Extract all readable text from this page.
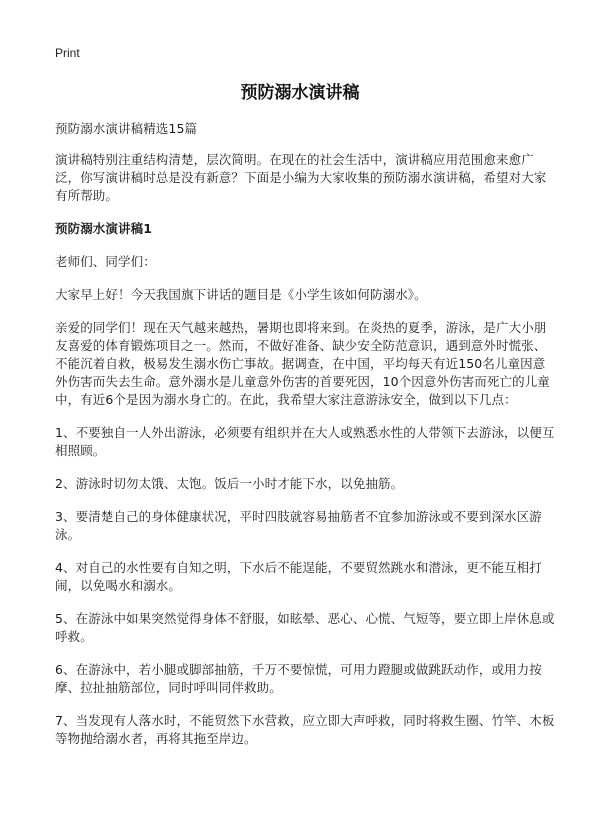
Print
预防溺水演讲稿

预防溺水演讲稿精选15篇

演讲稿特别注重结构清楚，层次简明。在现在的社会生活中，演讲稿应用范围愈来愈广泛，你写演讲稿时总是没有新意？下面是小编为大家收集的预防溺水演讲稿，希望对大家有所帮助。

预防溺水演讲稿1

老师们、同学们：

大家早上好！今天我国旗下讲话的题目是《小学生该如何防溺水》。

亲爱的同学们！现在天气越来越热，暑期也即将来到。在炎热的夏季，游泳，是广大小朋友喜爱的体育锻炼项目之一。然而，不做好准备、缺少安全防范意识，遇到意外时慌张、不能沉着自救，极易发生溺水伤亡事故。据调查，在中国，平均每天有近150名儿童因意外伤害而失去生命。意外溺水是儿童意外伤害的首要死因，10个因意外伤害而死亡的儿童中，有近6个是因为溺水身亡的。在此，我希望大家注意游泳安全，做到以下几点：

1、不要独自一人外出游泳，必须要有组织并在大人或熟悉水性的人带领下去游泳，以便互相照顾。

2、游泳时切勿太饿、太饱。饭后一小时才能下水，以免抽筋。

3、要清楚自己的身体健康状况，平时四肢就容易抽筋者不宜参加游泳或不要到深水区游泳。

4、对自己的水性要有自知之明，下水后不能逞能，不要贸然跳水和潜泳，更不能互相打闹，以免喝水和溺水。

5、在游泳中如果突然觉得身体不舒服，如眩晕、恶心、心慌、气短等，要立即上岸休息或呼救。

6、在游泳中，若小腿或脚部抽筋，千万不要惊慌，可用力蹬腿或做跳跃动作，或用力按摩、拉扯抽筋部位，同时呼叫同伴救助。

7、当发现有人落水时，不能贸然下水营救，应立即大声呼救，同时将救生圈、竹竿、木板等物抛给溺水者，再将其拖至岸边。
